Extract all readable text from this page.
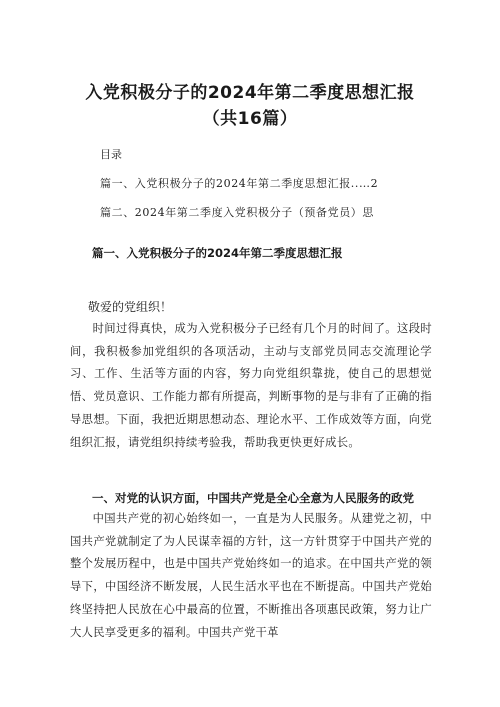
入党积极分子的2024年第二季度思想汇报
（共16篇）
目录
篇一、入党积极分子的2024年第二季度思想汇报..…2
篇二、2024年第二季度入党积极分子（预备党员）思
篇一、入党积极分子的2024年第二季度思想汇报
敬爱的党组织！
时间过得真快，成为入党积极分子已经有几个月的时间了。这段时间，我积极参加党组织的各项活动，主动与支部党员同志交流理论学习、工作、生活等方面的内容，努力向党组织靠拢，使自己的思想觉悟、党员意识、工作能力都有所提高，判断事物的是与非有了正确的指导思想。下面，我把近期思想动态、理论水平、工作成效等方面，向党组织汇报，请党组织持续考验我，帮助我更快更好成长。
一、对党的认识方面，中国共产党是全心全意为人民服务的政党
中国共产党的初心始终如一，一直是为人民服务。从建党之初，中国共产党就制定了为人民谋幸福的方针，这一方针贯穿于中国共产党的整个发展历程中，也是中国共产党始终如一的追求。在中国共产党的领导下，中国经济不断发展，人民生活水平也在不断提高。中国共产党始终坚持把人民放在心中最高的位置，不断推出各项惠民政策，努力让广大人民享受更多的福利。中国共产党干革
